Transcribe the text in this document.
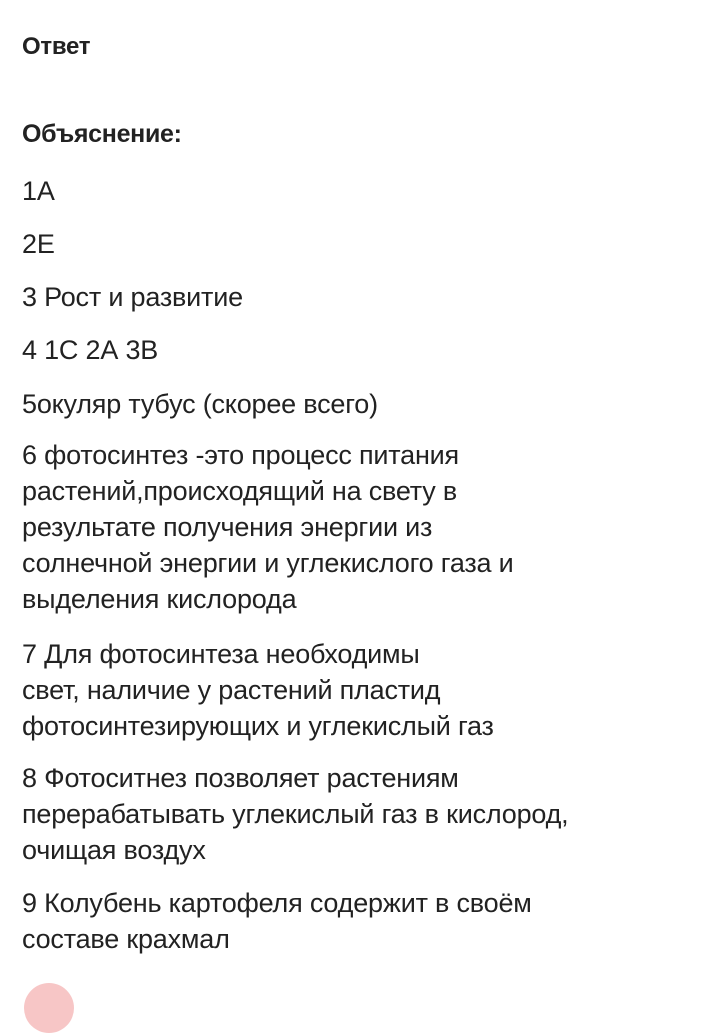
Ответ
Объяснение:
1А
2Е
3 Рост и развитие
4 1С 2А 3В
5окуляр тубус (скорее всего)
6 фотосинтез -это процесс питания
растений,происходящий на свету в
результате получения энергии из
солнечной энергии и углекислого газа и
выделения кислорода
7 Для фотосинтеза необходимы
свет, наличие у растений пластид
фотосинтезирующих и углекислый газ
8 Фотоситнез позволяет растениям
перерабатывать углекислый газ в кислород,
очищая воздух
9 Колубень картофеля содержит в своём
составе крахмал
